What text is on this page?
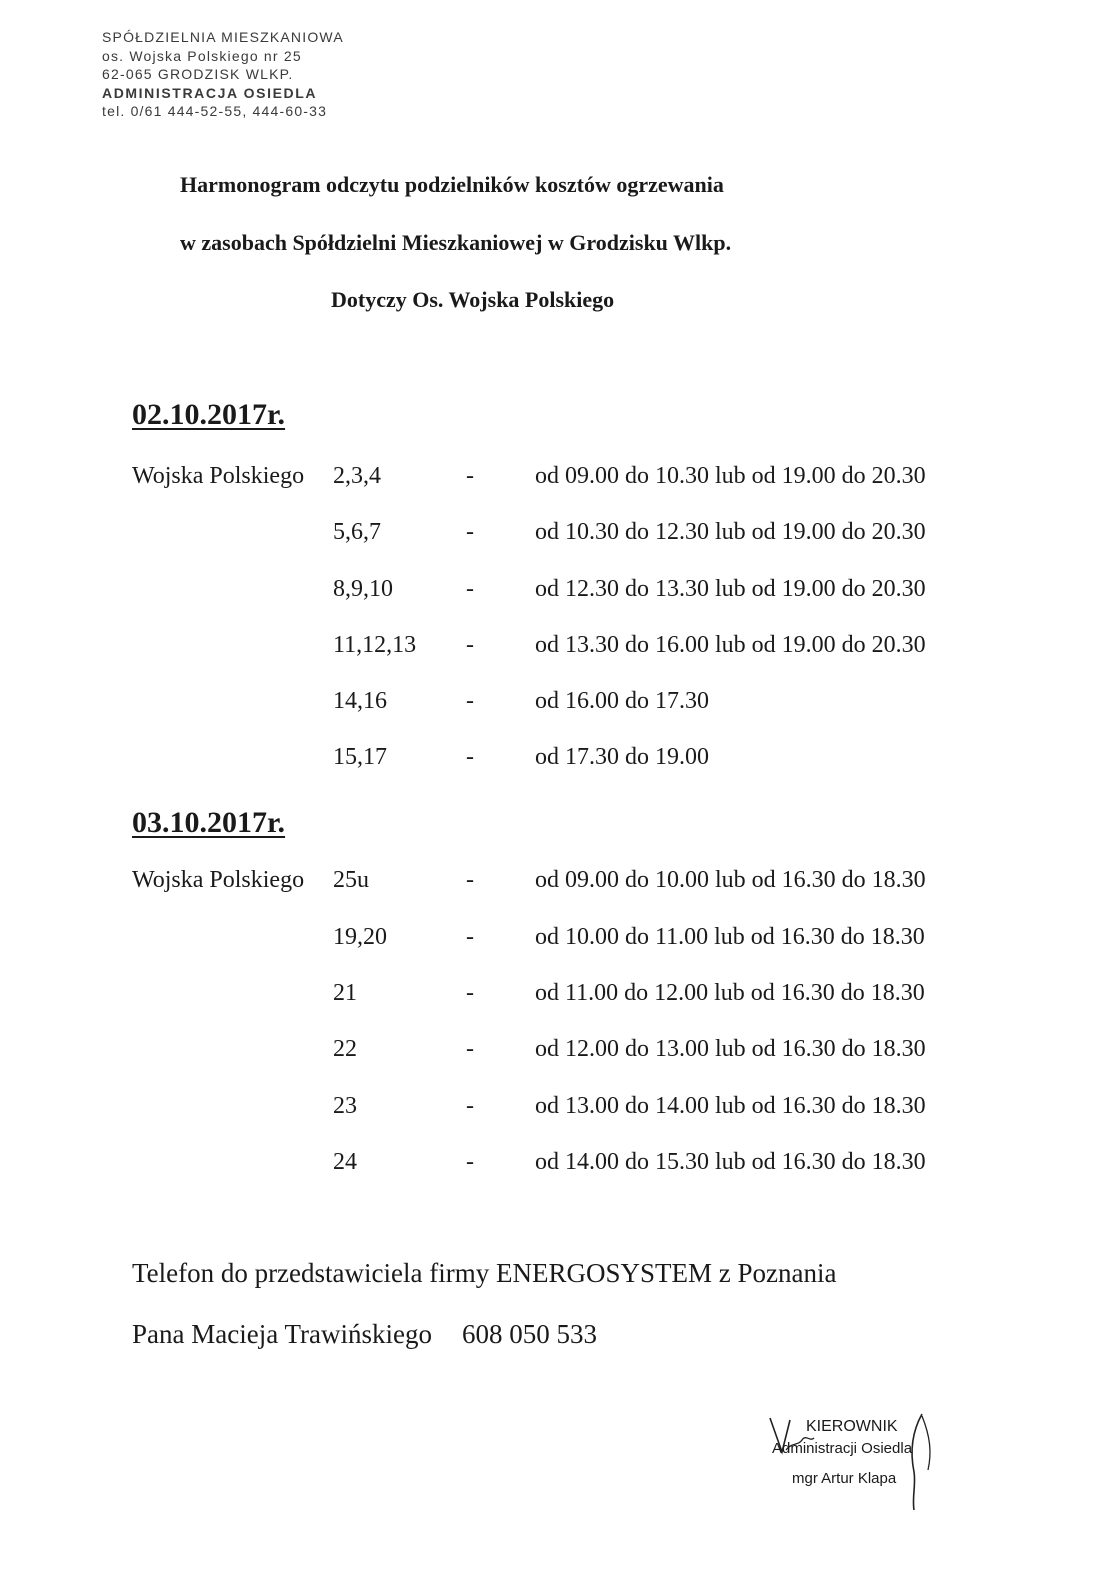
SPÓŁDZIELNIA MIESZKANIOWA
os. Wojska Polskiego nr 25
62-065 GRODZISK WLKP.
ADMINISTRACJA OSIEDLA
tel. 0/61 444-52-55, 444-60-33
Harmonogram odczytu podzielników kosztów ogrzewania
w zasobach Spółdzielni Mieszkaniowej w Grodzisku Wlkp.
Dotyczy Os. Wojska Polskiego
02.10.2017r.
Wojska Polskiego 2,3,4	-	od 09.00 do 10.30 lub od 19.00 do 20.30
5,6,7	-	od 10.30 do 12.30 lub od 19.00 do 20.30
8,9,10	-	od 12.30 do 13.30 lub od 19.00 do 20.30
11,12,13 -	od 13.30 do 16.00 lub od 19.00 do 20.30
14,16	-	od 16.00 do 17.30
15,17	-	od 17.30 do 19.00
03.10.2017r.
Wojska Polskiego 25u	-	od 09.00 do 10.00 lub od 16.30 do 18.30
19,20	-	od 10.00 do 11.00 lub od 16.30 do 18.30
21	-	od 11.00 do 12.00 lub od 16.30 do 18.30
22	-	od 12.00 do 13.00 lub od 16.30 do 18.30
23	-	od 13.00 do 14.00 lub od 16.30 do 18.30
24	-	od 14.00 do 15.30 lub od 16.30 do 18.30
Telefon do przedstawiciela firmy ENERGOSYSTEM z Poznania
Pana Macieja Trawińskiego 608 050 533
KIEROWNIK
Administracji Osiedla
mgr Artur Klapa
